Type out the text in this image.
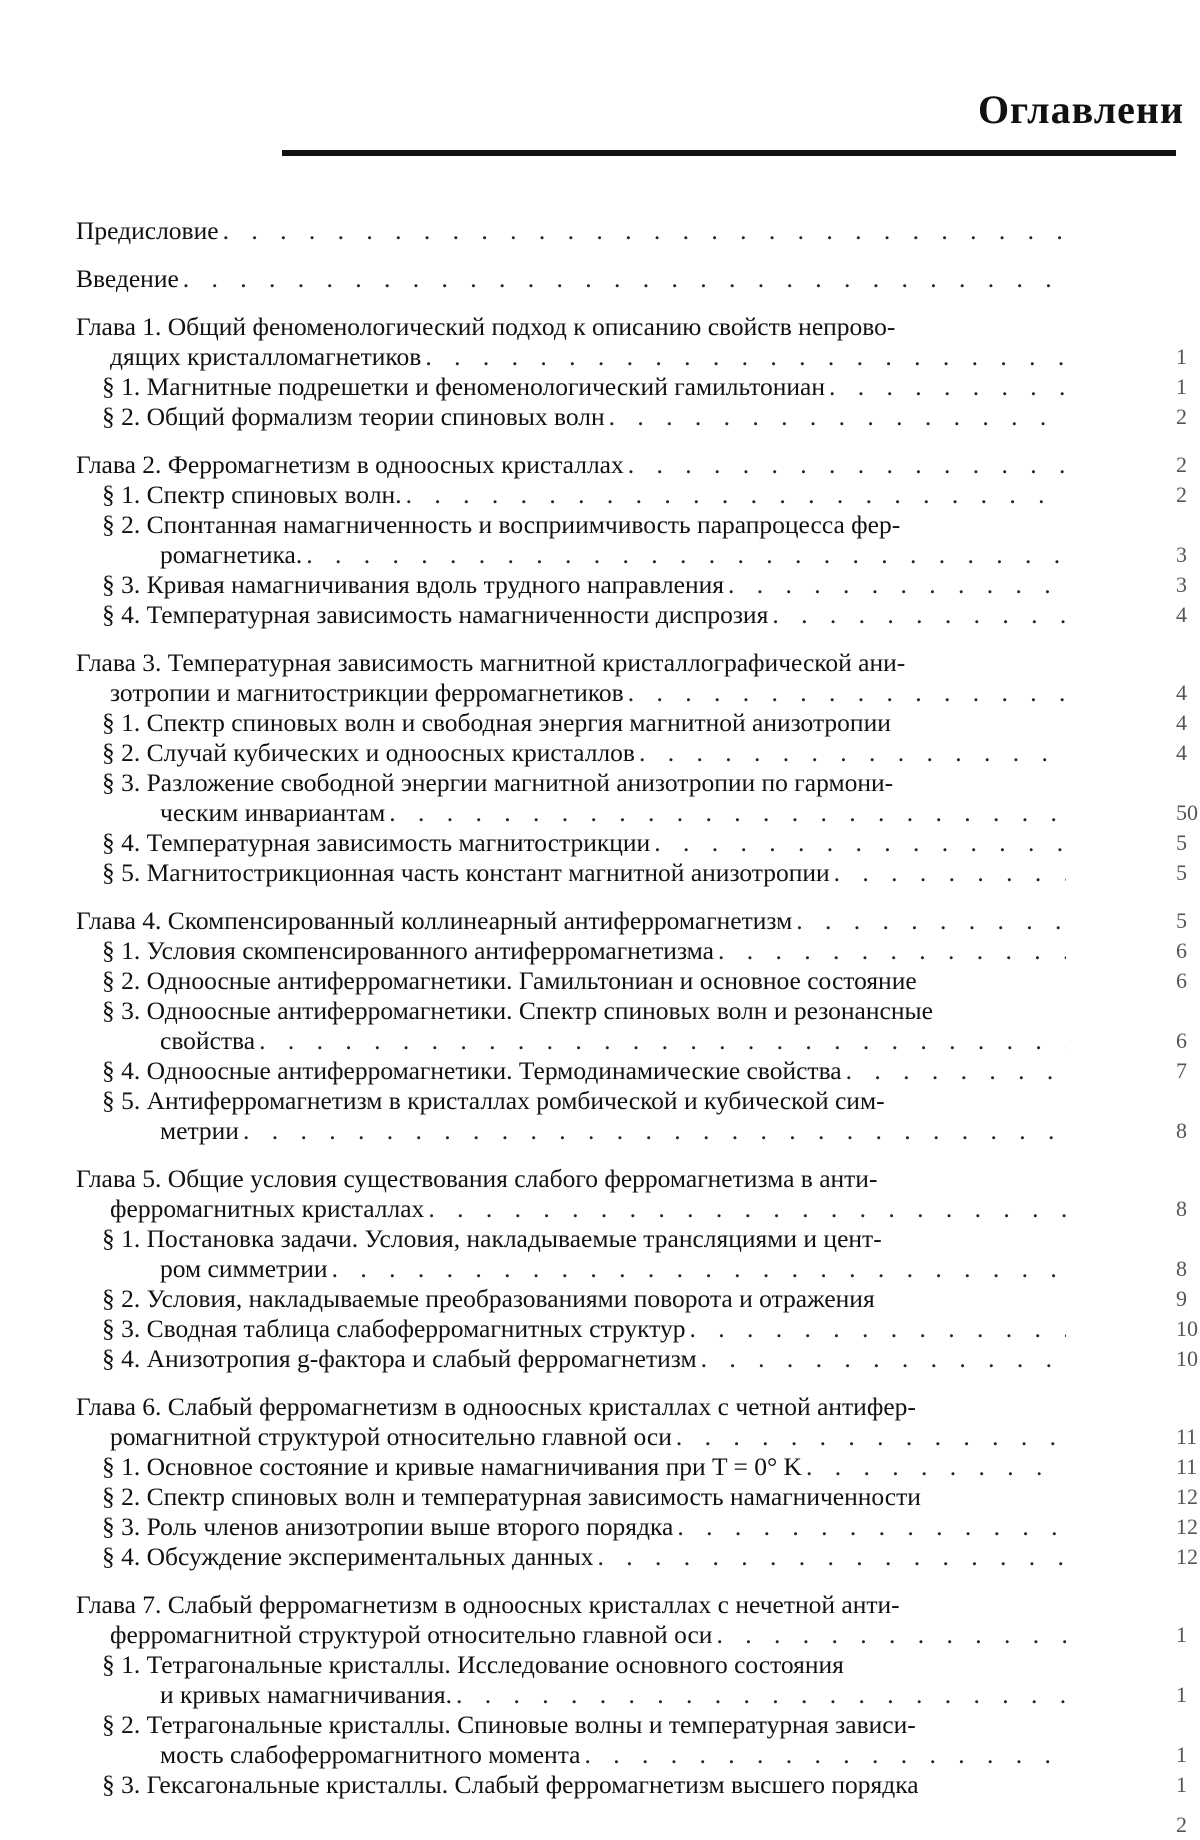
Оглавлени
Предисловие
. . .
Введение
. . .
Глава 1. Общий феноменологический подход к описанию свойств непрово-
дящих кристалломагнетиков . . .	1
§ 1. Магнитные подрешетки и феноменологический гамильтониан . . .	1
§ 2. Общий формализм теории спиновых волн . . .	2
Глава 2. Ферромагнетизм в одноосных кристаллах . . .	2
§ 1. Спектр спиновых волн. . . .	2
§ 2. Спонтанная намагниченность и восприимчивость парапроцесса фер-
ромагнетика. . . .	3
§ 3. Кривая намагничивания вдоль трудного направления . . .	3
§ 4. Температурная зависимость намагниченности диспрозия . . .	4
Глава 3. Температурная зависимость магнитной кристаллографической ани-
зотропии и магнитострикции ферромагнетиков . . .	4
§ 1. Спектр спиновых волн и свободная энергия магнитной анизотропии	4
§ 2. Случай кубических и одноосных кристаллов . . .	4
§ 3. Разложение свободной энергии магнитной анизотропии по гармони-
ческим инвариантам . . .	50
§ 4. Температурная зависимость магнитострикции . . .	5
§ 5. Магнитострикционная часть констант магнитной анизотропии . . .	5
Глава 4. Скомпенсированный коллинеарный антиферромагнетизм . . .	5
§ 1. Условия скомпенсированного антиферромагнетизма . . .	6
§ 2. Одноосные антиферромагнетики. Гамильтониан и основное состояние	6
§ 3. Одноосные антиферромагнетики. Спектр спиновых волн и резонансные
свойства . . .	6
§ 4. Одноосные антиферромагнетики. Термодинамические свойства . . .	7
§ 5. Антиферромагнетизм в кристаллах ромбической и кубической сим-
метрии . . .	8
Глава 5. Общие условия существования слабого ферромагнетизма в анти-
ферромагнитных кристаллах . . .	8
§ 1. Постановка задачи. Условия, накладываемые трансляциями и цент-
ром симметрии . . .	8
§ 2. Условия, накладываемые преобразованиями поворота и отражения	9
§ 3. Сводная таблица слабоферромагнитных структур . . .	10
§ 4. Анизотропия g-фактора и слабый ферромагнетизм . . .	10
Глава 6. Слабый ферромагнетизм в одноосных кристаллах с четной антифер-
ромагнитной структурой относительно главной оси . . .	11
§ 1. Основное состояние и кривые намагничивания при T = 0° K . . .	11
§ 2. Спектр спиновых волн и температурная зависимость намагниченности	12
§ 3. Роль членов анизотропии выше второго порядка . . .	12
§ 4. Обсуждение экспериментальных данных . . .	12
Глава 7. Слабый ферромагнетизм в одноосных кристаллах с нечетной анти-
ферромагнитной структурой относительно главной оси . . .	1
§ 1. Тетрагональные кристаллы. Исследование основного состояния
и кривых намагничивания. . . .	1
§ 2. Тетрагональные кристаллы. Спиновые волны и температурная зависи-
мость слабоферромагнитного момента . . .	1
§ 3. Гексагональные кристаллы. Слабый ферромагнетизм высшего порядка	1
2
